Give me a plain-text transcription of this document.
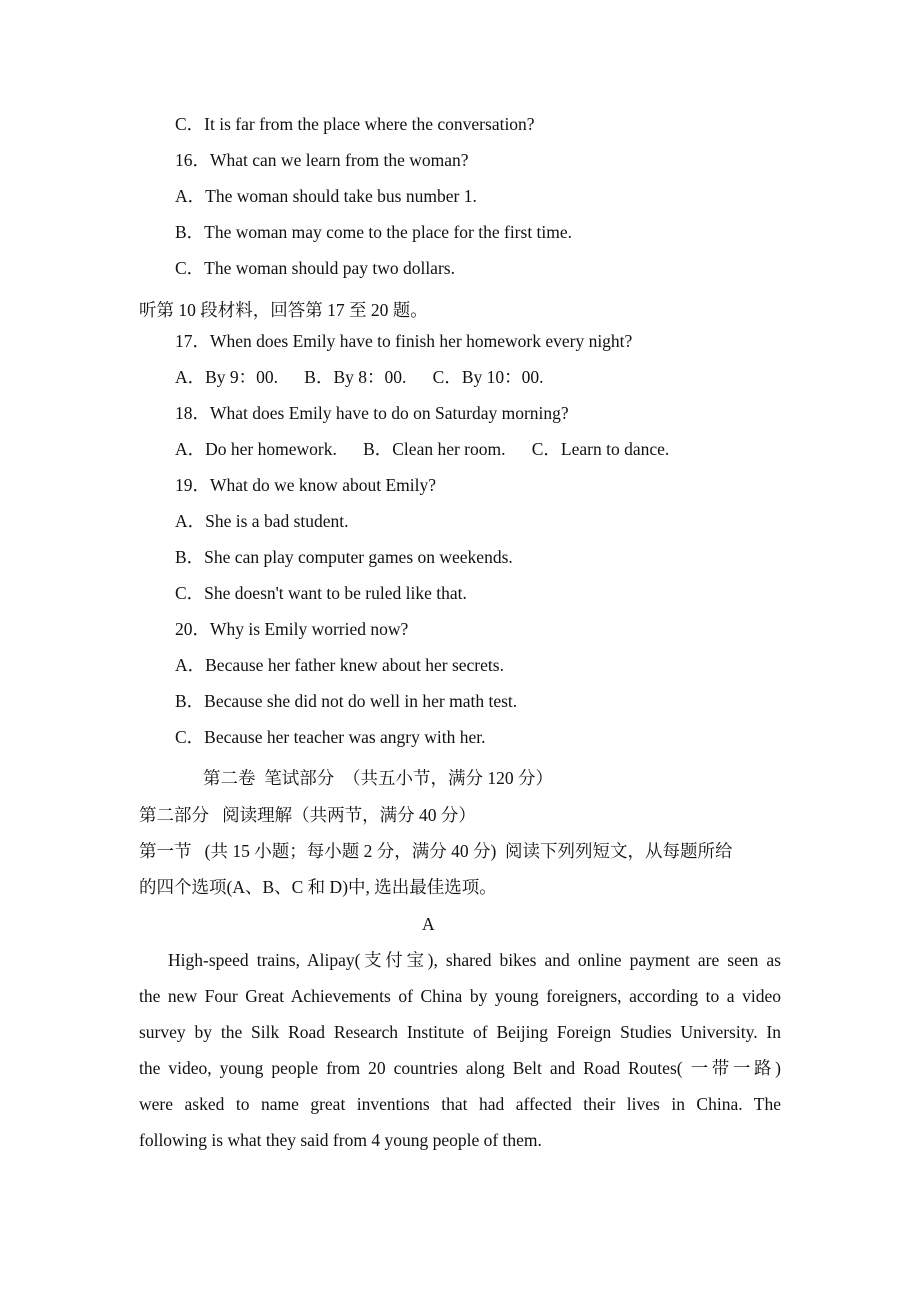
C．It is far from the place where the conversation?
16．What can we learn from the woman?
A．The woman should take bus number 1.
B．The woman may come to the place for the first time.
C．The woman should pay two dollars.
听第 10 段材料，回答第 17 至 20 题。
17．When does Emily have to finish her homework every night?
A．By 9：00.      B．By 8：00.      C．By 10：00.
18．What does Emily have to do on Saturday morning?
A．Do her homework.      B．Clean her room.      C．Learn to dance.
19．What do we know about Emily?
A．She is a bad student.
B．She can play computer games on weekends.
C．She doesn't want to be ruled like that.
20．Why is Emily worried now?
A．Because her father knew about her secrets.
B．Because she did not do well in her math test.
C．Because her teacher was angry with her.
第二卷  笔试部分  （共五小节，满分 120 分）
第二部分   阅读理解（共两节，满分 40 分）
第一节   (共 15 小题；每小题 2 分，满分 40 分)  阅读下列列短文，从每题所给
的四个选项(A、B、C 和 D)中, 选出最佳选项。
A
High-speed trains, Alipay(支付宝), shared bikes and online payment are seen as
the new Four Great Achievements of China by young foreigners, according to a video
survey by the Silk Road Research Institute of Beijing Foreign Studies University. In
the video, young people from 20 countries along Belt and Road Routes( 一带一路)
were asked to name great inventions that had affected their lives in China. The
following is what they said from 4 young people of them.
